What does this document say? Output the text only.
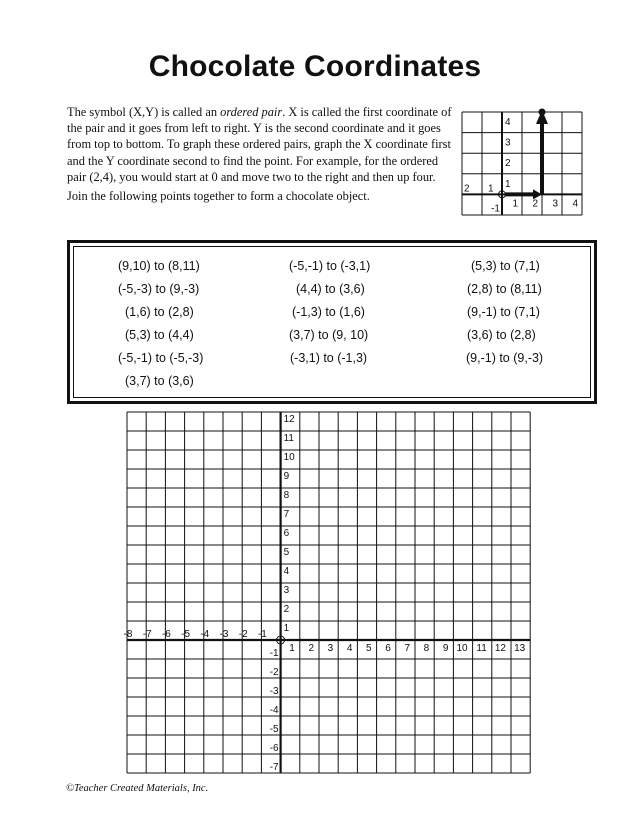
Chocolate Coordinates

The symbol (X,Y) is called an ordered pair. X is called the first coordinate of the pair and it goes from left to right. Y is the second coordinate and it goes from top to bottom. To graph these ordered pairs, graph the X coordinate first and the Y coordinate second to find the point. For example, for the ordered pair (2,4), you would start at 0 and move two to the right and then up four.

Join the following points together to form a chocolate object.

2 1
1 2 3 4
4
3
2
1
-1
(9,10) to (8,11)
(-5,-3) to (9,-3)
(1,6) to (2,8)
(5,3) to (4,4)
(-5,-1) to (-5,-3)
(3,7) to (3,6)
(-5,-1) to (-3,1)
(4,4) to (3,6)
(-1,3) to (1,6)
(3,7) to (9, 10)
(-3,1) to (-1,3)
(5,3) to (7,1)
(2,8) to (8,11)
(9,-1) to (7,1)
(3,6) to (2,8)
(9,-1) to (9,-3)
1 2 3 4 5 6 7 8 9 10 11 12 13
-8 -7 -6 -5 -4 -3 -2 -1
12
11
10
9
8
7
6
5
4
3
2
1
-1
-2
-3
-4
-5
-6
-7
©Teacher Created Materials, Inc.
